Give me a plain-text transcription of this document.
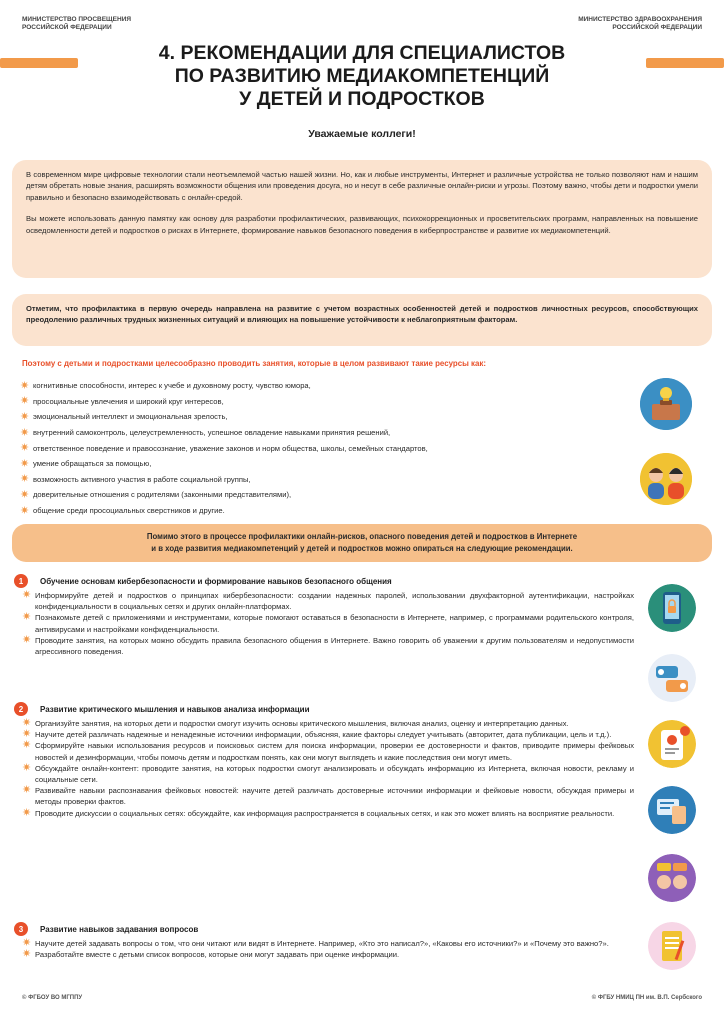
МИНИСТЕРСТВО ПРОСВЕЩЕНИЯ РОССИЙСКОЙ ФЕДЕРАЦИИ
МИНИСТЕРСТВО ЗДРАВООХРАНЕНИЯ РОССИЙСКОЙ ФЕДЕРАЦИИ
4. РЕКОМЕНДАЦИИ ДЛЯ СПЕЦИАЛИСТОВ
ПО РАЗВИТИЮ МЕДИАКОМПЕТЕНЦИЙ
У ДЕТЕЙ И ПОДРОСТКОВ
Уважаемые коллеги!

В современном мире цифровые технологии стали неотъемлемой частью нашей жизни. Но, как и любые инструменты, Интернет и различные устройства не только позволяют нам и нашим детям обретать новые знания, расширять возможности общения или проведения досуга, но и несут в себе различные онлайн-риски и угрозы. Поэтому важно, чтобы дети и подростки умели правильно и безопасно взаимодействовать с онлайн-средой.

Вы можете использовать данную памятку как основу для разработки профилактических, развивающих, психокоррекционных и просветительских программ, направленных на повышение осведомленности детей и подростков о рисках в Интернете, формирование навыков безопасного поведения в киберпространстве и развитие их медиакомпетенций.

Отметим, что профилактика в первую очередь направлена на развитие с учетом возрастных особенностей детей и подростков личностных ресурсов, способствующих преодолению различных трудных жизненных ситуаций и влияющих на повышение устойчивости к неблагоприятным факторам.

Поэтому с детьми и подростками целесообразно проводить занятия, которые в целом развивают такие ресурсы как:
✷ когнитивные способности, интерес к учебе и духовному росту, чувство юмора,
✷ просоциальные увлечения и широкий круг интересов,
✷ эмоциональный интеллект и эмоциональная зрелость,
✷ внутренний самоконтроль, целеустремленность, успешное овладение навыками принятия решений,
✷ ответственное поведение и правосознание, уважение законов и норм общества, школы, семейных стандартов,
✷ умение обращаться за помощью,
✷ возможность активного участия в работе социальной группы,
✷ доверительные отношения с родителями (законными представителями),
✷ общение среди просоциальных сверстников и другие.
Помимо этого в процессе профилактики онлайн-рисков, опасного поведения детей и подростков в Интернете
и в ходе развития медиакомпетенций у детей и подростков можно опираться на следующие рекомендации.
1	Обучение основам кибербезопасности и формирование навыков безопасного общения
✷ Информируйте детей и подростков о принципах кибербезопасности: создании надежных паролей, использовании двухфакторной аутентификации, настройках конфиденциальности в социальных сетях и других онлайн-платформах.
✷ Познакомьте детей с приложениями и инструментами, которые помогают оставаться в безопасности в Интернете, например, с программами родительского контроля, антивирусами и настройками конфиденциальности.
✷ Проводите занятия, на которых можно обсудить правила безопасного общения в Интернете. Важно говорить об уважении к другим пользователям и недопустимости агрессивного поведения.
2	Развитие критического мышления и навыков анализа информации
✷ Организуйте занятия, на которых дети и подростки смогут изучить основы критического мышления, включая анализ, оценку и интерпретацию данных.
✷ Научите детей различать надежные и ненадежные источники информации, объясняя, какие факторы следует учитывать (авторитет, дата публикации, цель и т.д.).
✷ Сформируйте навыки использования ресурсов и поисковых систем для поиска информации, проверки ее достоверности и фактов, приводите примеры фейковых новостей и дезинформации, чтобы помочь детям и подросткам понять, как они могут выглядеть и какие последствия они могут иметь.
✷ Обсуждайте онлайн-контент: проводите занятия, на которых подростки смогут анализировать и обсуждать информацию из Интернета, включая новости, рекламу и социальные сети.
✷ Развивайте навыки распознавания фейковых новостей: научите детей различать достоверные источники информации и фейковые новости, обсуждая примеры и методы проверки фактов.
✷ Проводите дискуссии о социальных сетях: обсуждайте, как информация распространяется в социальных сетях, и как это может влиять на восприятие реальности.
3	Развитие навыков задавания вопросов
✷ Научите детей задавать вопросы о том, что они читают или видят в Интернете. Например, «Кто это написал?», «Каковы его источники?» и «Почему это важно?».
✷ Разработайте вместе с детьми список вопросов, которые они могут задавать при оценке информации.
© ФГБОУ ВО МГППУ	© ФГБУ НМИЦ ПН им. В.П. Сербского
